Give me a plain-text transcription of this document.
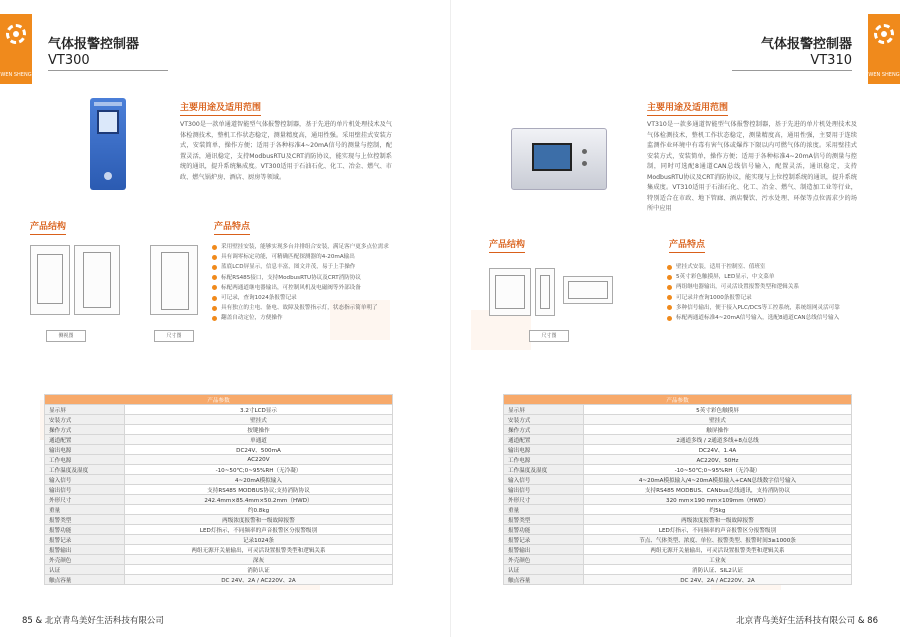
WEN SHENG
气体报警控制器
VT300
主要用途及适用范围
VT300是一款单通道智能型气体报警控制器，基于先进的单片机处理技术及气体检测技术，整机工作状态稳定，测量精度高，通用性强。采用壁挂式安装方式，安装简单，操作方便；适用于各种标准4~20mA信号的测量与控制，配置灵活，通讯稳定，支持ModbusRTU及CRT消防协议，能实现与上位控制系统的通讯，提升系统集成度。VT300适用于石油石化、化工、冶金、燃气、市政、燃气锅炉房、酒店、厨房等领域。
产品结构	产品特点
侧视图	尺寸图
采用壁挂安装，能够实现多台并排组合安装，满足客户更多点位需求
具有调零标定功能，可精确匹配探测器的4-20mA输出
蓝底LCD屏显示，信息丰富，图文并茂，易于上手操作
标配RS485接口，支持ModbusRTU协议及CRT消防协议
标配两通道继电器输出，可控制风机及电磁阀等外部设备
可记录，查询1024条报警记录
具有独立的主电、备电、故障及报警指示灯，状态指示简单明了
翻盖自动定位，方便操作
产品参数	
显示屏	3.2寸LCD显示
安装方式	壁挂式
操作方式	按键操作
通道配置	单通道
输出电源	DC24V、500mA
工作电源	AC220V
工作温度及湿度	-10~50℃;0~95%RH（无冷凝）
输入信号	4~20mA模拟输入
输出信号	支持RS485 MODBUS协议;支持消防协议
外形尺寸	242.4mm×85.4mm×50.2mm（HWD）
重量	约0.8kg
报警类型	两级浓度报警和一级故障报警
报警功能	LED灯指示，不同频率的声音报警区分报警级别
报警记录	记录1024条
报警输出	两组无源开关量输出，可灵活设置报警类型和逻辑关系
外壳颜色	深灰
认证	消防认证
触点容量	DC 24V、2A / AC220V、2A
85 & 北京青鸟美好生活科技有限公司
WEN SHENG
气体报警控制器
VT310
主要用途及适用范围
VT310是一款多通道智能型气体报警控制器，基于先进的单片机处理技术及气体检测技术，整机工作状态稳定，测量精度高，通用性强，主要用于连续监测作业环境中有毒有害气体或爆炸下限以内可燃气体的浓度。采用壁挂式安装方式，安装简单，操作方便；适用于各种标准4~20mA信号的测量与控制，同时可选配8通道CAN总线信号输入，配置灵活，通讯稳定，支持ModbusRTU协议及CRT消防协议，能实现与上位控制系统的通讯，提升系统集成度。VT310适用于石油石化、化工、冶金、燃气、制造加工业等行业，特别适合在市政、地下管廊、酒店餐饮、污水处理、环保等点位需求少的场所中应用
产品结构	产品特点
尺寸图
壁挂式安装，适用于控制室、值班室
5英寸彩色触摸屏，LED显示，中文菜单
两组继电器输出，可灵活设置报警类型和逻辑关系
可记录并查询1000条报警记录
多种信号输出，便于接入PLC/DCS等工控系统，系统组网灵活可靠
标配两通道标准4~20mA信号输入，选配8通道CAN总线信号输入
产品参数	
显示屏	5英寸彩色触摸屏
安装方式	壁挂式
操作方式	触屏操作
通道配置	2通道多线 / 2通道多线+8点总线
输出电源	DC24V、1.4A
工作电源	AC220V、50Hz
工作温度及湿度	-10~50℃;0~95%RH（无冷凝）
输入信号	4~20mA模拟输入/4~20mA模拟输入+CAN总线数字信号输入
输出信号	支持RS485 MODBUS、CANbus总线通讯，支持消防协议
外形尺寸	320 mm×190 mm×109mm（HWD）
重量	约5kg
报警类型	两级浓度报警和一级故障报警
报警功能	LED灯指示，不同频率的声音报警区分报警级别
报警记录	节点、气体类型、浓度、单位、报警类型、报警时间3≥1000条
报警输出	两组无源开关量输出，可灵活设置报警类型和逻辑关系
外壳颜色	工业灰
认证	消防认证、SIL2认证
触点容量	DC 24V、2A / AC220V、2A
北京青鸟美好生活科技有限公司 & 86
